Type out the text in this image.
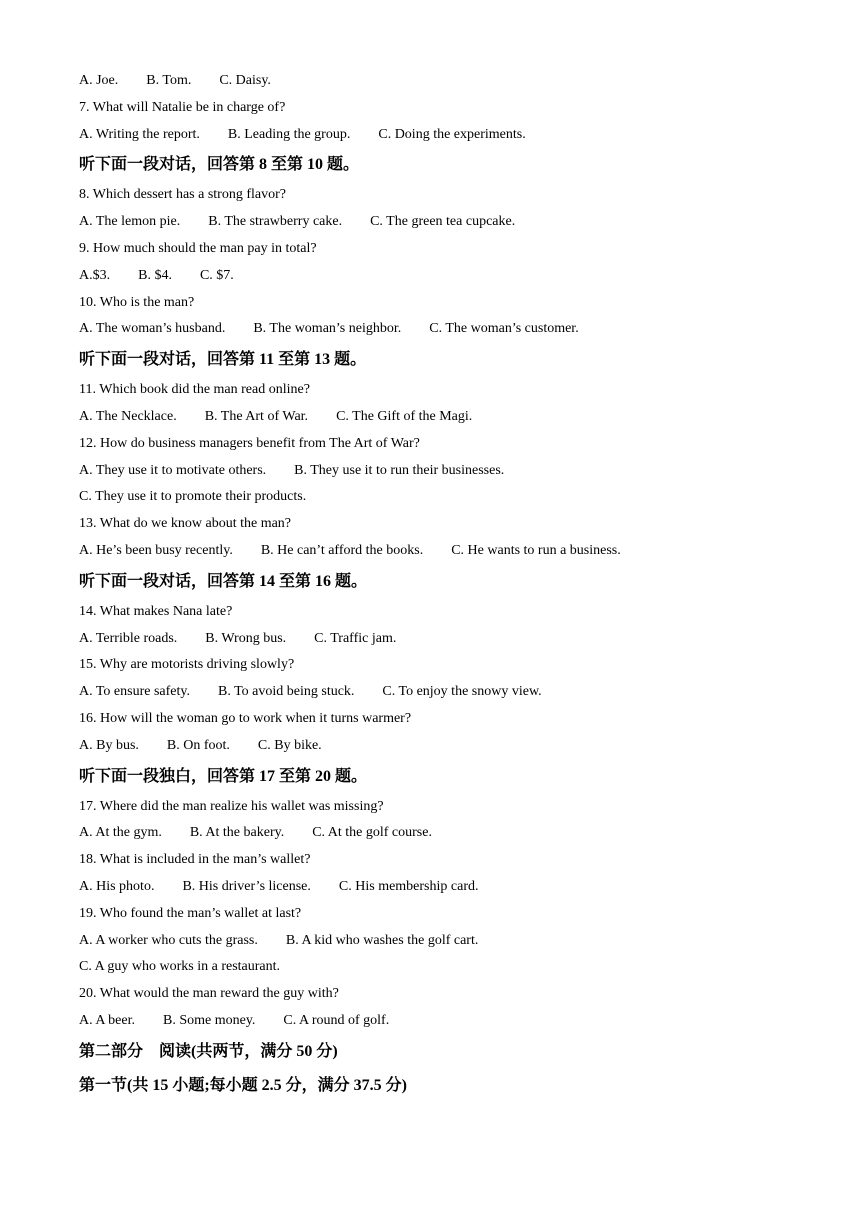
A. Joe. B. Tom. C. Daisy.
7. What will Natalie be in charge of?
A. Writing the report. B. Leading the group. C. Doing the experiments.
听下面一段对话，回答第 8 至第 10 题。
8. Which dessert has a strong flavor?
A. The lemon pie. B. The strawberry cake. C. The green tea cupcake.
9. How much should the man pay in total?
A.$3. B. $4. C. $7.
10. Who is the man?
A. The woman’s husband. B. The woman’s neighbor. C. The woman’s customer.
听下面一段对话，回答第 11 至第 13 题。
11. Which book did the man read online?
A. The Necklace. B. The Art of War. C. The Gift of the Magi.
12. How do business managers benefit from The Art of War?
A. They use it to motivate others. B. They use it to run their businesses.
C. They use it to promote their products.
13. What do we know about the man?
A. He’s been busy recently. B. He can’t afford the books. C. He wants to run a business.
听下面一段对话，回答第 14 至第 16 题。
14. What makes Nana late?
A. Terrible roads. B. Wrong bus. C. Traffic jam.
15. Why are motorists driving slowly?
A. To ensure safety. B. To avoid being stuck. C. To enjoy the snowy view.
16. How will the woman go to work when it turns warmer?
A. By bus. B. On foot. C. By bike.
听下面一段独白，回答第 17 至第 20 题。
17. Where did the man realize his wallet was missing?
A. At the gym. B. At the bakery. C. At the golf course.
18. What is included in the man’s wallet?
A. His photo. B. His driver’s license. C. His membership card.
19. Who found the man’s wallet at last?
A. A worker who cuts the grass. B. A kid who washes the golf cart.
C. A guy who works in a restaurant.
20. What would the man reward the guy with?
A. A beer. B. Some money. C. A round of golf.
第二部分　阅读(共两节，满分 50 分)
第一节(共 15 小题;每小题 2.5 分，满分 37.5 分)
